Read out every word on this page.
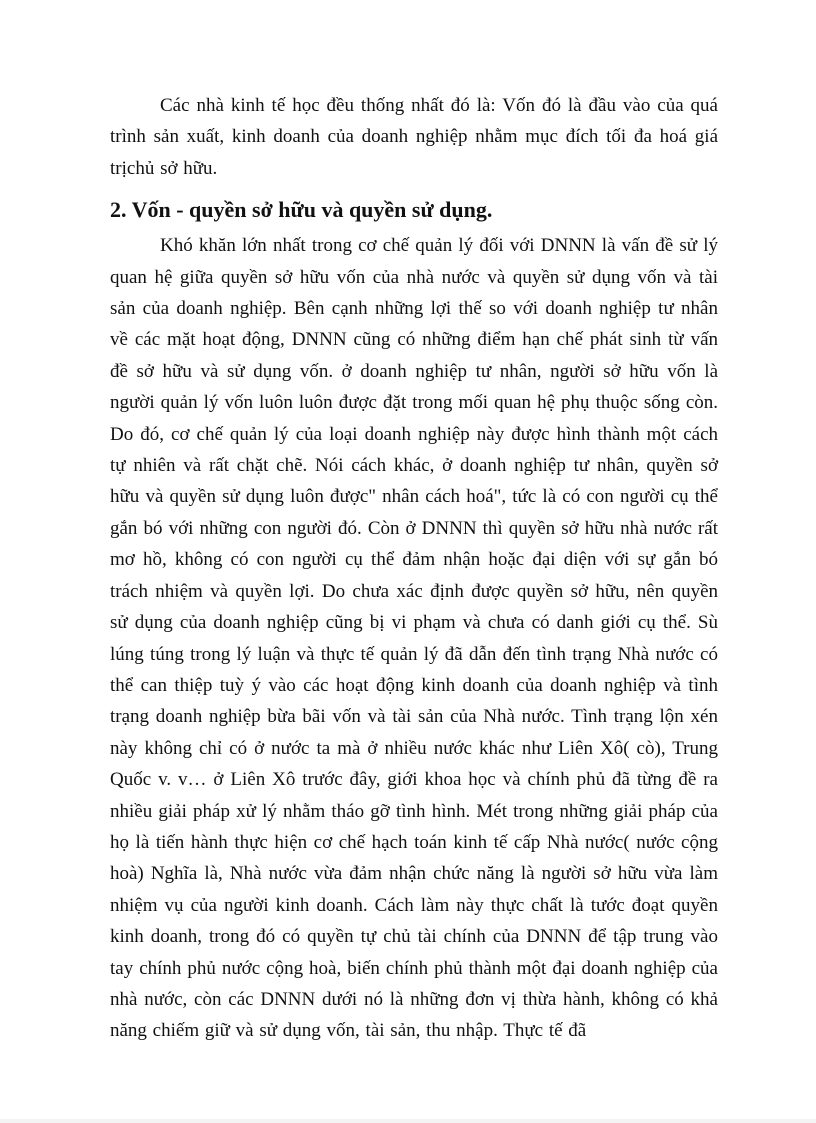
Các nhà kinh tế học đều thống nhất đó là: Vốn đó là đầu vào của quá trình sản xuất, kinh doanh của doanh nghiệp nhằm mục đích tối đa hoá giá trịchủ sở hữu.

2. Vốn - quyền sở hữu và quyền sử dụng.

Khó khăn lớn nhất trong cơ chế quản lý đối với DNNN là vấn đề sử lý quan hệ giữa quyền sở hữu vốn của nhà nước và quyền sử dụng vốn và tài sản của doanh nghiệp. Bên cạnh những lợi thế so với doanh nghiệp tư nhân về các mặt hoạt động, DNNN cũng có những điểm hạn chế phát sinh từ vấn đề sở hữu và sử dụng vốn. ở doanh nghiệp tư nhân, người sở hữu vốn là người quản lý vốn luôn luôn được đặt trong mối quan hệ phụ thuộc sống còn. Do đó, cơ chế quản lý của loại doanh nghiệp này được hình thành một cách tự nhiên và rất chặt chẽ. Nói cách khác, ở doanh nghiệp tư nhân, quyền sở hữu và quyền sử dụng luôn được" nhân cách hoá", tức là có con người cụ thể gắn bó với những con người đó. Còn ở DNNN thì quyền sở hữu nhà nước rất mơ hồ, không có con người cụ thể đảm nhận hoặc đại diện với sự gắn bó trách nhiệm và quyền lợi. Do chưa xác định được quyền sở hữu, nên quyền sử dụng của doanh nghiệp cũng bị vi phạm và chưa có danh giới cụ thể. Sù lúng túng trong lý luận và thực tế quản lý đã dẫn đến tình trạng Nhà nước có thể can thiệp tuỳ ý vào các hoạt động kinh doanh của doanh nghiệp và tình trạng doanh nghiệp bừa bãi vốn và tài sản của Nhà nước. Tình trạng lộn xén này không chỉ có ở nước ta mà ở nhiều nước khác như Liên Xô( cò), Trung Quốc v. v… ở Liên Xô trước đây, giới khoa học và chính phủ đã từng đề ra nhiều giải pháp xử lý nhằm tháo gỡ tình hình. Mét trong những giải pháp của họ là tiến hành thực hiện cơ chế hạch toán kinh tế cấp Nhà nước( nước cộng hoà) Nghĩa là, Nhà nước vừa đảm nhận chức năng là người sở hữu vừa làm nhiệm vụ của người kinh doanh. Cách làm này thực chất là tước đoạt quyền kinh doanh, trong đó có quyền tự chủ tài chính của DNNN để tập trung vào tay chính phủ nước cộng hoà, biến chính phủ thành một đại doanh nghiệp của nhà nước, còn các DNNN dưới nó là những đơn vị thừa hành, không có khả năng chiếm giữ và sử dụng vốn, tài sản, thu nhập. Thực tế đã
